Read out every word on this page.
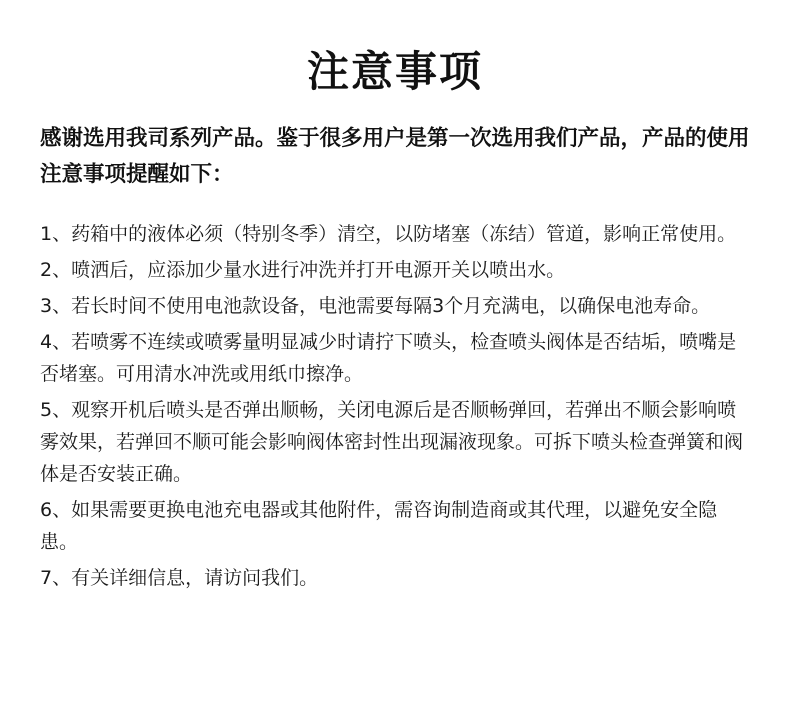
注意事项

感谢选用我司系列产品。鉴于很多用户是第一次选用我们产品，产品的使用注意事项提醒如下：

1、药箱中的液体必须（特别冬季）清空，以防堵塞（冻结）管道，影响正常使用。
2、喷洒后，应添加少量水进行冲洗并打开电源开关以喷出水。
3、若长时间不使用电池款设备，电池需要每隔3个月充满电，以确保电池寿命。
4、若喷雾不连续或喷雾量明显减少时请拧下喷头，检查喷头阀体是否结垢，喷嘴是否堵塞。可用清水冲洗或用纸巾擦净。
5、观察开机后喷头是否弹出顺畅，关闭电源后是否顺畅弹回，若弹出不顺会影响喷雾效果，若弹回不顺可能会影响阀体密封性出现漏液现象。可拆下喷头检查弹簧和阀体是否安装正确。
6、如果需要更换电池充电器或其他附件，需咨询制造商或其代理，以避免安全隐患。
7、有关详细信息，请访问我们。
